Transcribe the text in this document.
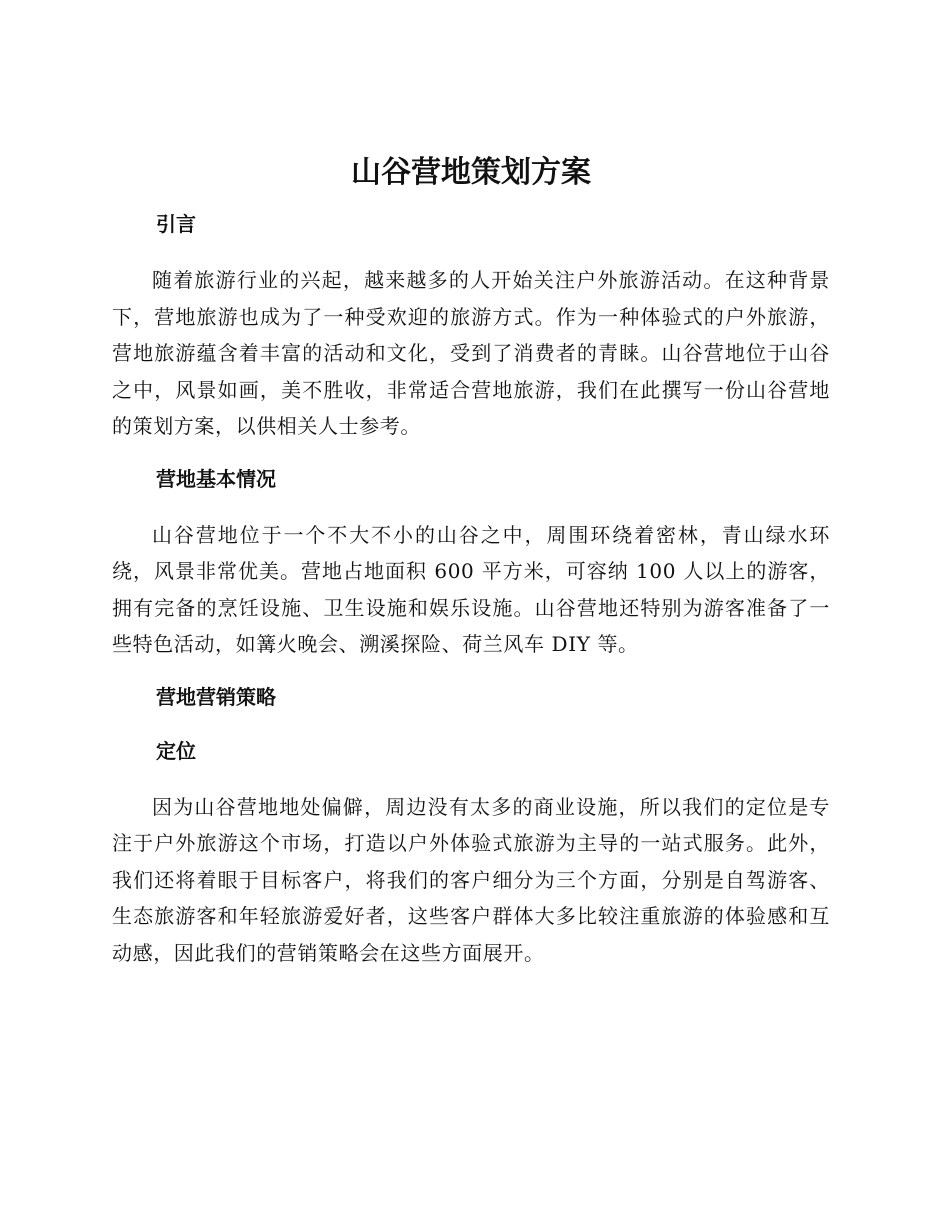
山谷营地策划方案
引言

随着旅游行业的兴起，越来越多的人开始关注户外旅游活动。在这种背景下，营地旅游也成为了一种受欢迎的旅游方式。作为一种体验式的户外旅游，营地旅游蕴含着丰富的活动和文化，受到了消费者的青睐。山谷营地位于山谷之中，风景如画，美不胜收，非常适合营地旅游，我们在此撰写一份山谷营地的策划方案，以供相关人士参考。

营地基本情况

山谷营地位于一个不大不小的山谷之中，周围环绕着密林，青山绿水环绕，风景非常优美。营地占地面积 600 平方米，可容纳 100 人以上的游客，拥有完备的烹饪设施、卫生设施和娱乐设施。山谷营地还特别为游客准备了一些特色活动，如篝火晚会、溯溪探险、荷兰风车 DIY 等。

营地营销策略
定位

因为山谷营地地处偏僻，周边没有太多的商业设施，所以我们的定位是专注于户外旅游这个市场，打造以户外体验式旅游为主导的一站式服务。此外，我们还将着眼于目标客户，将我们的客户细分为三个方面，分别是自驾游客、生态旅游客和年轻旅游爱好者，这些客户群体大多比较注重旅游的体验感和互动感，因此我们的营销策略会在这些方面展开。
